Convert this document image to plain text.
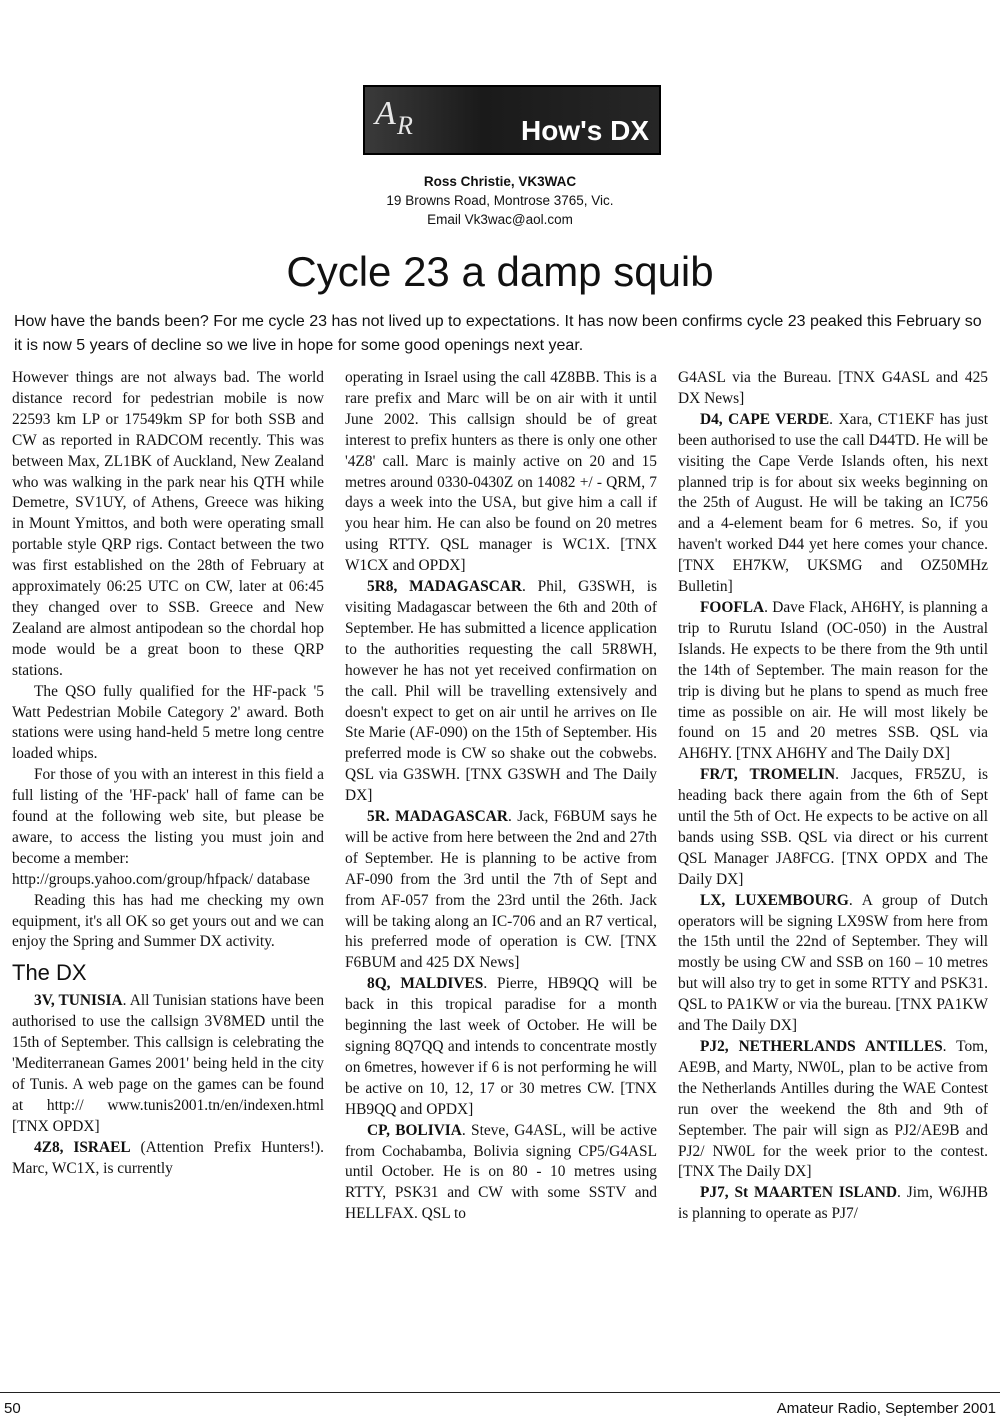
A R	How's DX
Ross Christie, VK3WAC
19 Browns Road, Montrose 3765, Vic.
Email Vk3wac@aol.com
Cycle 23 a damp squib
How have the bands been? For me cycle 23 has not lived up to expectations. It has now been confirms cycle 23 peaked this February so it is now 5 years of decline so we live in hope for some good openings next year.

However things are not always bad. The world distance record for pedestrian mobile is now 22593 km LP or 17549km SP for both SSB and CW as reported in RADCOM recently. This was between Max, ZL1BK of Auckland, New Zealand who was walking in the park near his QTH while Demetre, SV1UY, of Athens, Greece was hiking in Mount Ymittos, and both were operating small portable style QRP rigs. Contact between the two was first established on the 28th of February at approximately 06:25 UTC on CW, later at 06:45 they changed over to SSB. Greece and New Zealand are almost antipodean so the chordal hop mode would be a great boon to these QRP stations.

The QSO fully qualified for the HF-pack '5 Watt Pedestrian Mobile Category 2' award. Both stations were using hand-held 5 metre long centre loaded whips.

For those of you with an interest in this field a full listing of the 'HF-pack' hall of fame can be found at the following web site, but please be aware, to access the listing you must join and become a member:

http://groups.yahoo.com/group/hfpack/ database

Reading this has had me checking my own equipment, it's all OK so get yours out and we can enjoy the Spring and Summer DX activity.

The DX

3V, TUNISIA. All Tunisian stations have been authorised to use the callsign 3V8MED until the 15th of September. This callsign is celebrating the 'Mediterranean Games 2001' being held in the city of Tunis. A web page on the games can be found at http:// www.tunis2001.tn/en/indexen.html [TNX OPDX]

4Z8, ISRAEL (Attention Prefix Hunters!). Marc, WC1X, is currently

operating in Israel using the call 4Z8BB. This is a rare prefix and Marc will be on air with it until June 2002. This callsign should be of great interest to prefix hunters as there is only one other '4Z8' call. Marc is mainly active on 20 and 15 metres around 0330-0430Z on 14082 +/ - QRM, 7 days a week into the USA, but give him a call if you hear him. He can also be found on 20 metres using RTTY. QSL manager is WC1X. [TNX W1CX and OPDX]

5R8, MADAGASCAR. Phil, G3SWH, is visiting Madagascar between the 6th and 20th of September. He has submitted a licence application to the authorities requesting the call 5R8WH, however he has not yet received confirmation on the call. Phil will be travelling extensively and doesn't expect to get on air until he arrives on Ile Ste Marie (AF-090) on the 15th of September. His preferred mode is CW so shake out the cobwebs. QSL via G3SWH. [TNX G3SWH and The Daily DX]

5R. MADAGASCAR. Jack, F6BUM says he will be active from here between the 2nd and 27th of September. He is planning to be active from AF-090 from the 3rd until the 7th of Sept and from AF-057 from the 23rd until the 26th. Jack will be taking along an IC-706 and an R7 vertical, his preferred mode of operation is CW. [TNX F6BUM and 425 DX News]

8Q, MALDIVES. Pierre, HB9QQ will be back in this tropical paradise for a month beginning the last week of October. He will be signing 8Q7QQ and intends to concentrate mostly on 6metres, however if 6 is not performing he will be active on 10, 12, 17 or 30 metres CW. [TNX HB9QQ and OPDX]

CP, BOLIVIA. Steve, G4ASL, will be active from Cochabamba, Bolivia signing CP5/G4ASL until October. He is on 80 - 10 metres using RTTY, PSK31 and CW with some SSTV and HELLFAX. QSL to

G4ASL via the Bureau. [TNX G4ASL and 425 DX News]

D4, CAPE VERDE. Xara, CT1EKF has just been authorised to use the call D44TD. He will be visiting the Cape Verde Islands often, his next planned trip is for about six weeks beginning on the 25th of August. He will be taking an IC756 and a 4-element beam for 6 metres. So, if you haven't worked D44 yet here comes your chance. [TNX EH7KW, UKSMG and OZ50MHz Bulletin]

FOOFLA. Dave Flack, AH6HY, is planning a trip to Rurutu Island (OC-050) in the Austral Islands. He expects to be there from the 9th until the 14th of September. The main reason for the trip is diving but he plans to spend as much free time as possible on air. He will most likely be found on 15 and 20 metres SSB. QSL via AH6HY. [TNX AH6HY and The Daily DX]

FR/T, TROMELIN. Jacques, FR5ZU, is heading back there again from the 6th of Sept until the 5th of Oct. He expects to be active on all bands using SSB. QSL via direct or his current QSL Manager JA8FCG. [TNX OPDX and The Daily DX]

LX, LUXEMBOURG. A group of Dutch operators will be signing LX9SW from here from the 15th until the 22nd of September. They will mostly be using CW and SSB on 160 – 10 metres but will also try to get in some RTTY and PSK31. QSL to PA1KW or via the bureau. [TNX PA1KW and The Daily DX]

PJ2, NETHERLANDS ANTILLES. Tom, AE9B, and Marty, NW0L, plan to be active from the Netherlands Antilles during the WAE Contest run over the weekend the 8th and 9th of September. The pair will sign as PJ2/AE9B and PJ2/ NW0L for the week prior to the contest. [TNX The Daily DX]

PJ7, St MAARTEN ISLAND. Jim, W6JHB is planning to operate as PJ7/

50	Amateur Radio, September 2001
